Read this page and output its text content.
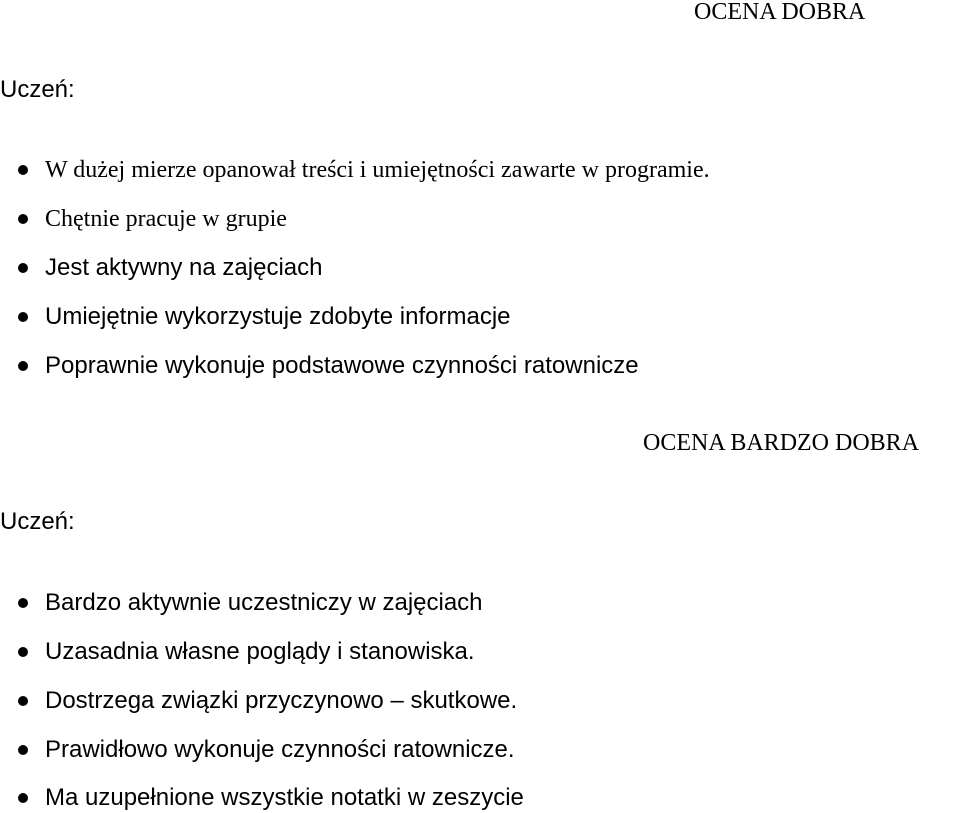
OCENA DOBRA
Uczeń:
W dużej mierze opanował treści i umiejętności zawarte w programie.
Chętnie pracuje w grupie
Jest aktywny na zajęciach
Umiejętnie wykorzystuje zdobyte informacje
Poprawnie wykonuje podstawowe czynności ratownicze
OCENA BARDZO DOBRA
Uczeń:
Bardzo aktywnie uczestniczy w zajęciach
Uzasadnia własne poglądy i stanowiska.
Dostrzega związki przyczynowo – skutkowe.
Prawidłowo wykonuje czynności ratownicze.
Ma uzupełnione wszystkie notatki w zeszycie
